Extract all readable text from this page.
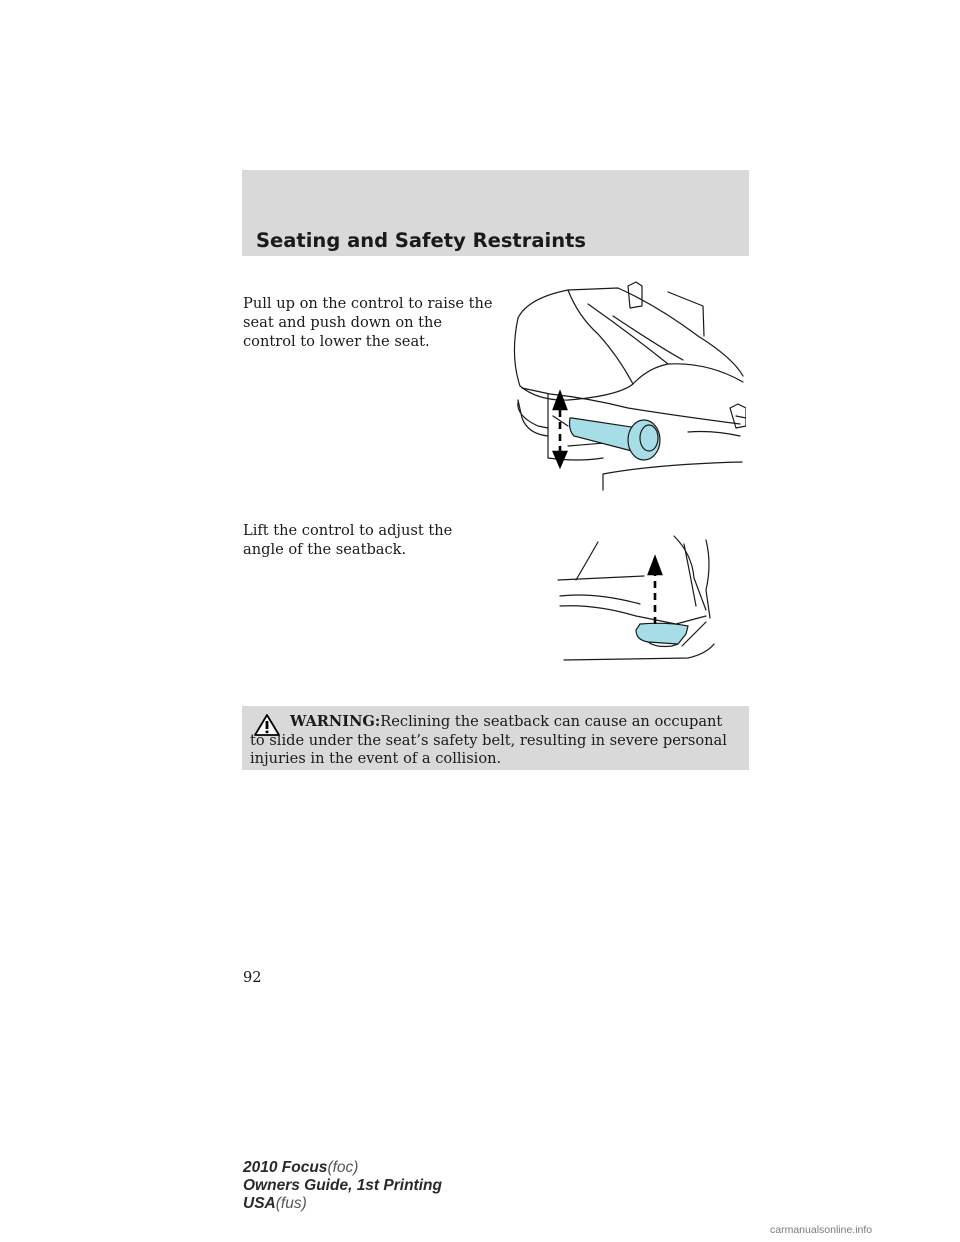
Seating and Safety Restraints
Pull up on the control to raise the seat and push down on the control to lower the seat.
Lift the control to adjust the angle of the seatback.
WARNING:Reclining the seatback can cause an occupant to slide under the seat’s safety belt, resulting in severe personal injuries in the event of a collision.
92
2010 Focus(foc)
Owners Guide, 1st Printing
USA(fus)
carmanualsonline.info
